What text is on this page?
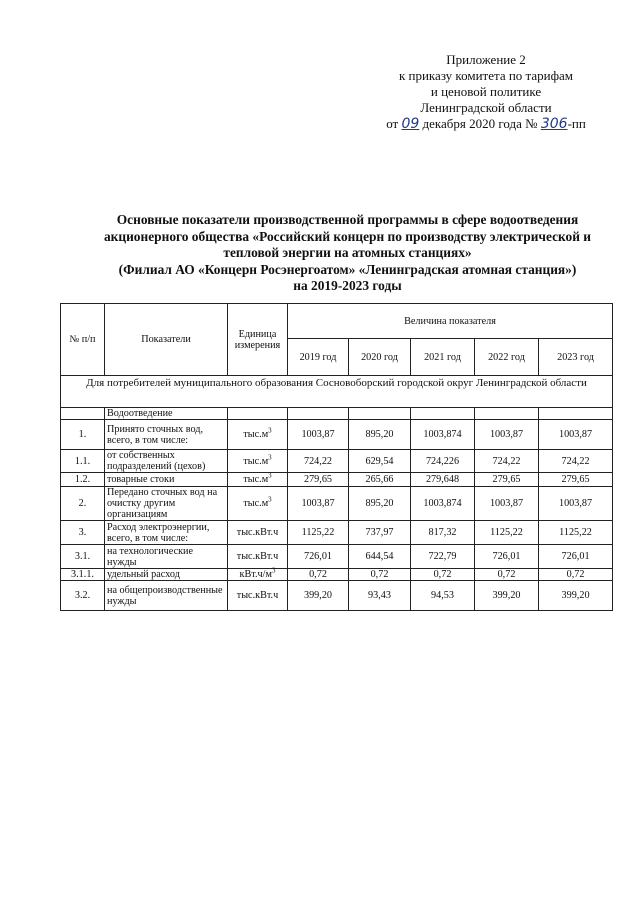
Приложение 2
к приказу комитета по тарифам
и ценовой политике
Ленинградской области
от 09 декабря 2020 года № 306-пп
Основные показатели производственной программы в сфере водоотведения
акционерного общества «Российский концерн по производству электрической и
тепловой энергии на атомных станциях»
(Филиал АО «Концерн Росэнергоатом» «Ленинградская атомная станция»)
на 2019-2023 годы
№ п/п	Показатели	Единица измерения	Величина показателя				
			2019 год	2020 год	2021 год	2022 год	2023 год
Для потребителей муниципального образования Сосновоборский городской округ Ленинградской области							
	Водоотведение						
1.	Принято сточных вод, всего, в том числе:	$тыс.м^3$	1003,87	895,20	1003,874	1003,87	1003,87
1.1.	от собственных подразделений (цехов)	$тыс.м^3$	724,22	629,54	724,226	724,22	724,22
1.2.	товарные стоки	$тыс.м^3$	279,65	265,66	279,648	279,65	279,65
2.	Передано сточных вод на очистку другим организациям	$тыс.м^3$	1003,87	895,20	1003,874	1003,87	1003,87
3.	Расход электроэнергии, всего, в том числе:	тыс.кВт.ч	1125,22	737,97	817,32	1125,22	1125,22
3.1.	на технологические нужды	тыс.кВт.ч	726,01	644,54	722,79	726,01	726,01
3.1.1.	удельный расход	$кВт.ч/м^3$	0,72	0,72	0,72	0,72	0,72
3.2.	на общепроизводственные нужды	тыс.кВт.ч	399,20	93,43	94,53	399,20	399,20
